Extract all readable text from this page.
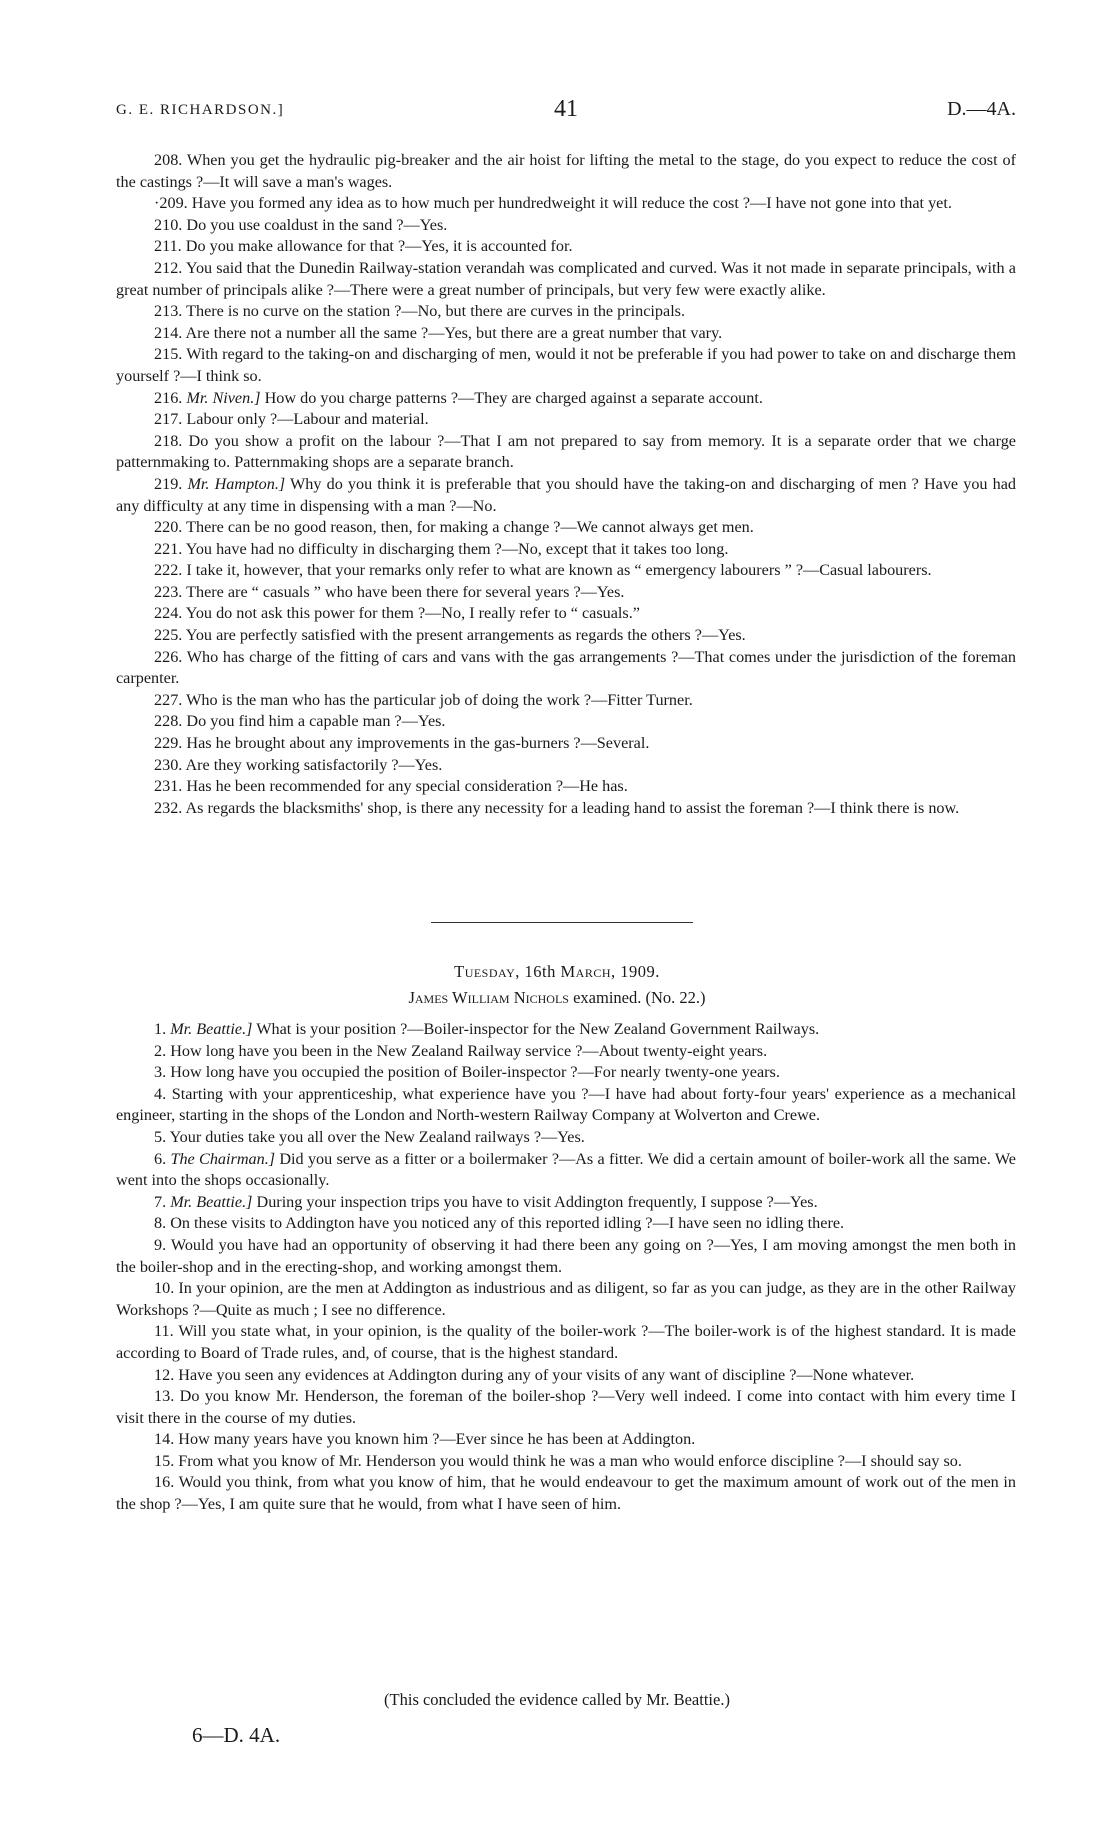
G. E. RICHARDSON.]	41	D.—4A.

208. When you get the hydraulic pig-breaker and the air hoist for lifting the metal to the stage, do you expect to reduce the cost of the castings ?—It will save a man's wages.

·209. Have you formed any idea as to how much per hundredweight it will reduce the cost ?—I have not gone into that yet.

210. Do you use coaldust in the sand ?—Yes.

211. Do you make allowance for that ?—Yes, it is accounted for.

212. You said that the Dunedin Railway-station verandah was complicated and curved. Was it not made in separate principals, with a great number of principals alike ?—There were a great number of principals, but very few were exactly alike.

213. There is no curve on the station ?—No, but there are curves in the principals.

214. Are there not a number all the same ?—Yes, but there are a great number that vary.

215. With regard to the taking-on and discharging of men, would it not be preferable if you had power to take on and discharge them yourself ?—I think so.

216. Mr. Niven.] How do you charge patterns ?—They are charged against a separate account.

217. Labour only ?—Labour and material.

218. Do you show a profit on the labour ?—That I am not prepared to say from memory. It is a separate order that we charge patternmaking to. Patternmaking shops are a separate branch.

219. Mr. Hampton.] Why do you think it is preferable that you should have the taking-on and discharging of men ? Have you had any difficulty at any time in dispensing with a man ?—No.

220. There can be no good reason, then, for making a change ?—We cannot always get men.

221. You have had no difficulty in discharging them ?—No, except that it takes too long.

222. I take it, however, that your remarks only refer to what are known as “ emergency labourers ” ?—Casual labourers.

223. There are “ casuals ” who have been there for several years ?—Yes.

224. You do not ask this power for them ?—No, I really refer to “ casuals.”

225. You are perfectly satisfied with the present arrangements as regards the others ?—Yes.

226. Who has charge of the fitting of cars and vans with the gas arrangements ?—That comes under the jurisdiction of the foreman carpenter.

227. Who is the man who has the particular job of doing the work ?—Fitter Turner.

228. Do you find him a capable man ?—Yes.

229. Has he brought about any improvements in the gas-burners ?—Several.

230. Are they working satisfactorily ?—Yes.

231. Has he been recommended for any special consideration ?—He has.

232. As regards the blacksmiths' shop, is there any necessity for a leading hand to assist the foreman ?—I think there is now.

Tuesday, 16th March, 1909.
James William Nichols examined. (No. 22.)

1. Mr. Beattie.] What is your position ?—Boiler-inspector for the New Zealand Government Railways.

2. How long have you been in the New Zealand Railway service ?—About twenty-eight years.

3. How long have you occupied the position of Boiler-inspector ?—For nearly twenty-one years.

4. Starting with your apprenticeship, what experience have you ?—I have had about forty-four years' experience as a mechanical engineer, starting in the shops of the London and North-western Railway Company at Wolverton and Crewe.

5. Your duties take you all over the New Zealand railways ?—Yes.

6. The Chairman.] Did you serve as a fitter or a boilermaker ?—As a fitter. We did a certain amount of boiler-work all the same. We went into the shops occasionally.

7. Mr. Beattie.] During your inspection trips you have to visit Addington frequently, I suppose ?—Yes.

8. On these visits to Addington have you noticed any of this reported idling ?—I have seen no idling there.

9. Would you have had an opportunity of observing it had there been any going on ?—Yes, I am moving amongst the men both in the boiler-shop and in the erecting-shop, and working amongst them.

10. In your opinion, are the men at Addington as industrious and as diligent, so far as you can judge, as they are in the other Railway Workshops ?—Quite as much ; I see no difference.

11. Will you state what, in your opinion, is the quality of the boiler-work ?—The boiler-work is of the highest standard. It is made according to Board of Trade rules, and, of course, that is the highest standard.

12. Have you seen any evidences at Addington during any of your visits of any want of discipline ?—None whatever.

13. Do you know Mr. Henderson, the foreman of the boiler-shop ?—Very well indeed. I come into contact with him every time I visit there in the course of my duties.

14. How many years have you known him ?—Ever since he has been at Addington.

15. From what you know of Mr. Henderson you would think he was a man who would enforce discipline ?—I should say so.

16. Would you think, from what you know of him, that he would endeavour to get the maximum amount of work out of the men in the shop ?—Yes, I am quite sure that he would, from what I have seen of him.

(This concluded the evidence called by Mr. Beattie.)
6—D. 4A.
